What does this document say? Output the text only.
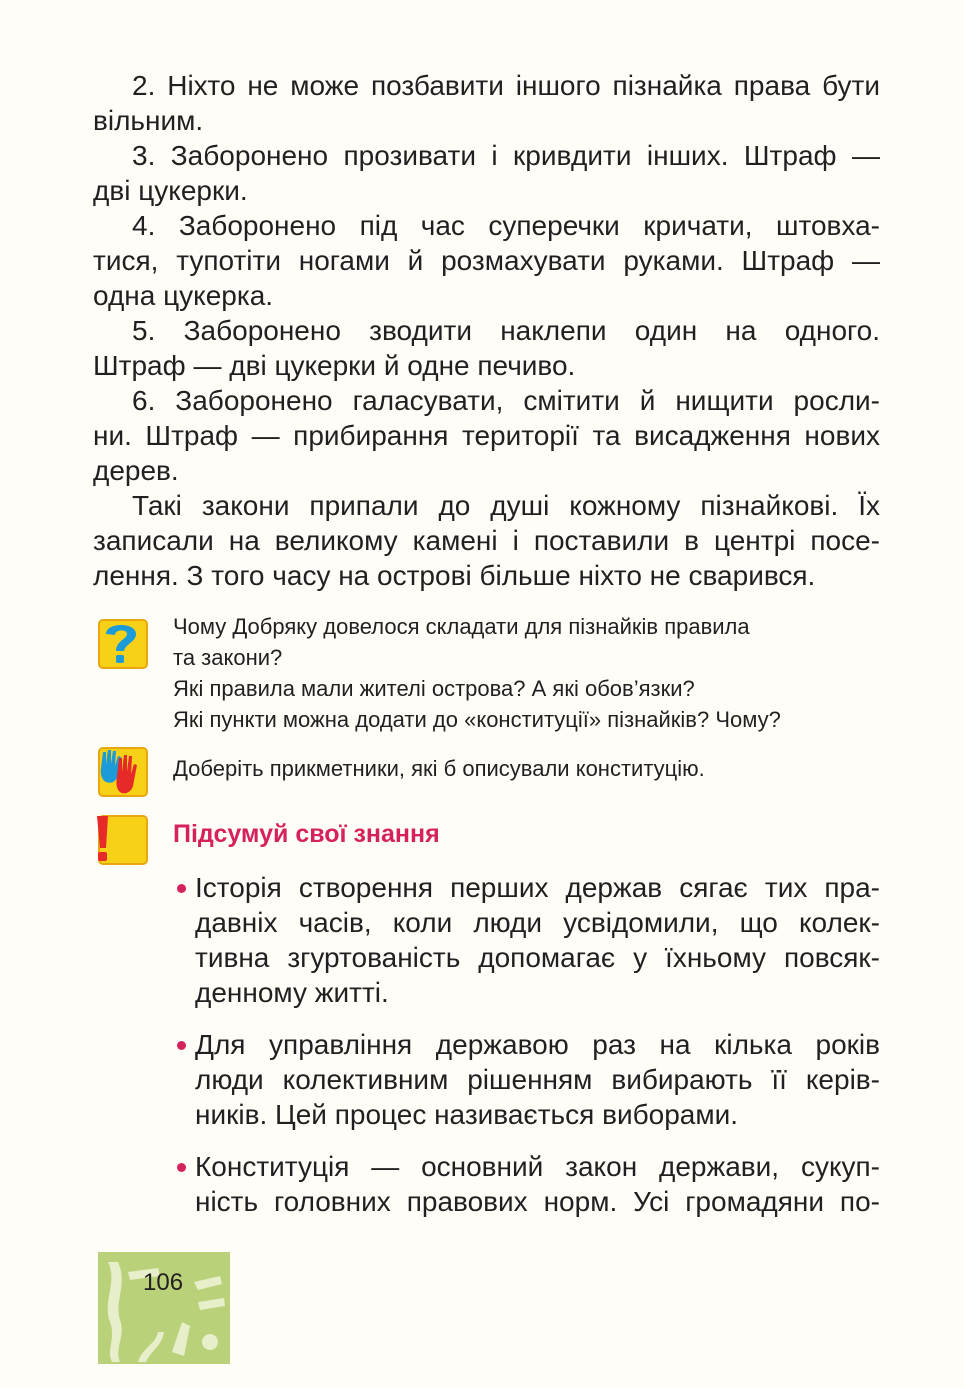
2. Ніхто не може позбавити іншого пізнайка права бути

вільним.

3. Заборонено прозивати і кривдити інших. Штраф —

дві цукерки.

4. Заборонено під час суперечки кричати, штовха-

тися, тупотіти ногами й розмахувати руками. Штраф —

одна цукерка.

5. Заборонено зводити наклепи один на одного.

Штраф — дві цукерки й одне печиво.

6. Заборонено галасувати, смітити й нищити росли-

ни. Штраф — прибирання території та висадження нових

дерев.

Такі закони припали до душі кожному пізнайкові. Їх

записали на великому камені і поставили в центрі посе-

лення. З того часу на острові більше ніхто не сварився.

Чому Добряку довелося складати для пізнайків правила

та закони?

Які правила мали жителі острова? А які обов’язки?

Які пункти можна додати до «конституції» пізнайків? Чому?

Доберіть прикметники, які б описували конституцію.

Підсумуй свої знання

Історія створення перших держав сягає тих пра-

давніх часів, коли люди усвідомили, що колек-

тивна згуртованість допомагає у їхньому повсяк-

денному житті.

Для управління державою раз на кілька років

люди колективним рішенням вибирають її керів-

ників. Цей процес називається виборами.

Конституція — основний закон держави, сукуп-

ність головних правових норм. Усі громадяни по-

106
